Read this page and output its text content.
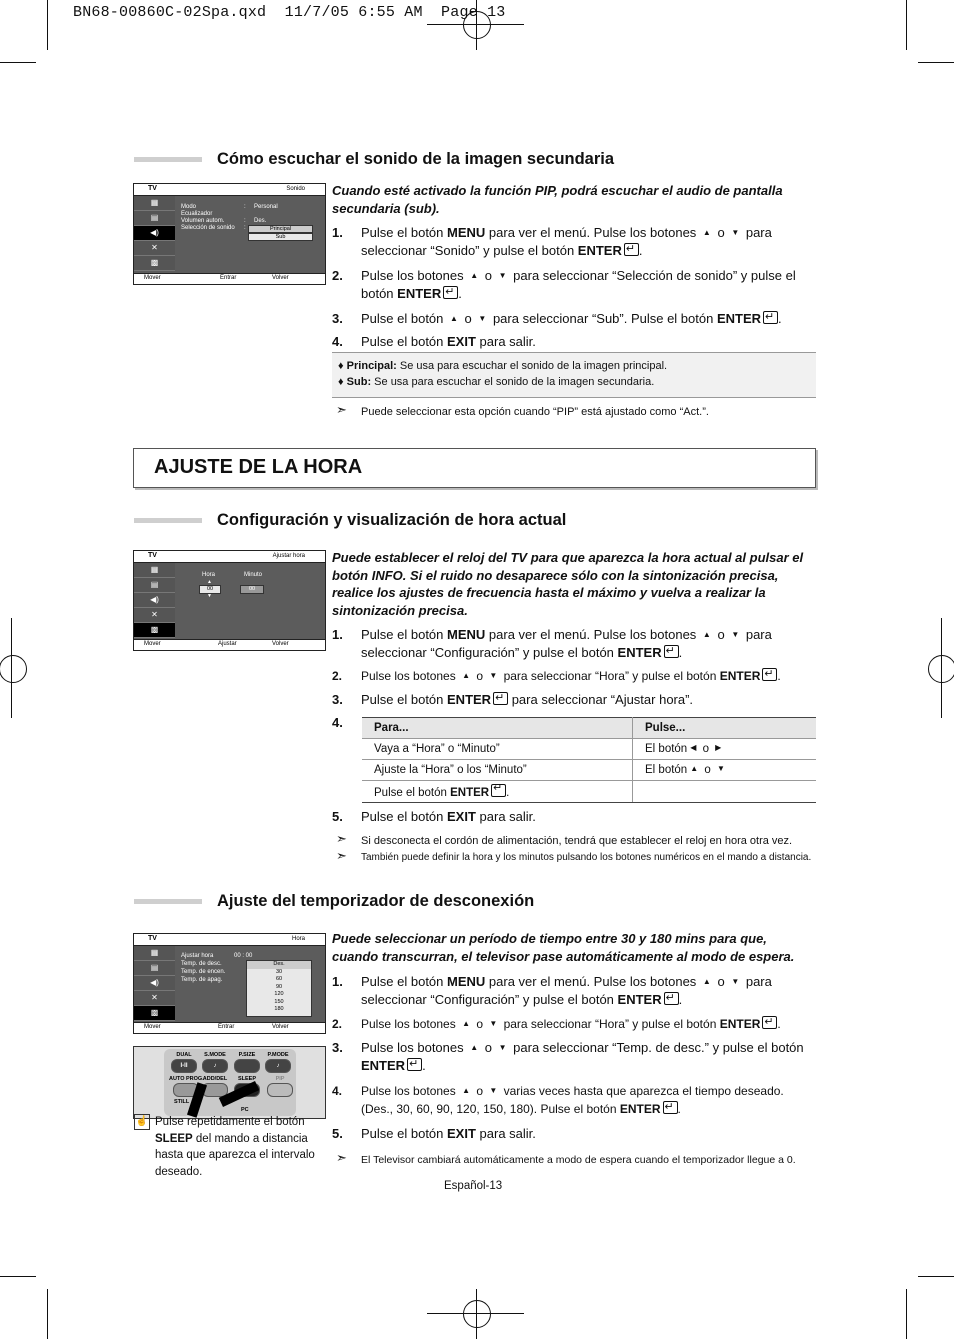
BN68-00860C-02Spa.qxd  11/7/05 6:55 AM  Page 13
Cómo escuchar el sonido de la imagen secundaria
TV	Sonido
▦
▤
◀)
✕
▩
Modo
Ecualizador
Volumen autom.
Selección de sonido
:
:
:
Personal
Des.
Principal
Sub
Mover	Entrar	Volver
Cuando esté activado la función PIP, podrá escuchar el audio de pantalla secundaria (sub).
1. Pulse el botón MENU para ver el menú. Pulse los botones ▲ o ▼ para seleccionar “Sonido” y pulse el botón ENTER ↵ .
2. Pulse los botones ▲ o ▼ para seleccionar “Selección de sonido” y pulse el botón ENTER ↵ .
3. Pulse el botón ▲ o ▼ para seleccionar “Sub”. Pulse el botón ENTER ↵ .
4. Pulse el botón EXIT para salir.
♦ Principal: Se usa para escuchar el sonido de la imagen principal.
♦ Sub: Se usa para escuchar el sonido de la imagen secundaria.
➣ Puede seleccionar esta opción cuando “PIP” está ajustado como “Act.”.
AJUSTE DE LA HORA
Configuración y visualización de hora actual
TV	Ajustar hora
▦
▤
◀)
✕
▩
Hora	Minuto
▲
00
▼
00
Mover	Ajustar	Volver
Puede establecer el reloj del TV para que aparezca la hora actual al pulsar el botón INFO. Si el ruido no desaparece sólo con la sintonización precisa, realice los ajustes de frecuencia hasta el máximo y vuelva a realizar la sintonización precisa.
1. Pulse el botón MENU para ver el menú. Pulse los botones ▲ o ▼ para seleccionar “Configuración” y pulse el botón ENTER ↵ .
2. Pulse los botones ▲ o ▼ para seleccionar “Hora” y pulse el botón ENTER ↵ .
3. Pulse el botón ENTER↵ para seleccionar “Ajustar hora”.
4.	Para...	Pulse...
Vaya a “Hora” o “Minuto”	El botón ◀ o ▶
Ajuste la “Hora” o los “Minuto”	El botón ▲ o ▼
Pulse el botón ENTER ↵ .	
5. Pulse el botón EXIT para salir.
➣ Si desconecta el cordón de alimentación, tendrá que establecer el reloj en hora otra vez.
➣ También puede definir la hora y los minutos pulsando los botones numéricos en el mando a distancia.
Ajuste del temporizador de desconexión
TV	Hora
▦
▤
◀)
✕
▩
Ajustar hora
Temp. de desc.
Temp. de encen.
Temp. de apag.
00 : 00
Des.
30
60
90
120
150
180
Mover	Entrar	Volver
DUAL
I-II
S.MODE
♪
P.SIZE	P.MODE
♪
AUTO PROG. ADD/DEL	SLEEP	PIP
STILL
PC
☝ Pulse repetidamente el botón SLEEP del mando a distancia hasta que aparezca el intervalo deseado.
Puede seleccionar un período de tiempo entre 30 y 180 mins para que, cuando transcurran, el televisor pase automáticamente al modo de espera.
1. Pulse el botón MENU para ver el menú. Pulse los botones ▲ o ▼ para seleccionar “Configuración” y pulse el botón ENTER ↵ .
2. Pulse los botones ▲ o ▼ para seleccionar “Hora” y pulse el botón ENTER ↵ .
3. Pulse los botones ▲ o ▼ para seleccionar “Temp. de desc.” y pulse el botón ENTER ↵ .
4. Pulse los botones ▲ o ▼ varias veces hasta que aparezca el tiempo deseado. (Des., 30, 60, 90, 120, 150, 180). Pulse el botón ENTER ↵ .
5. Pulse el botón EXIT para salir.
➣ El Televisor cambiará automáticamente a modo de espera cuando el temporizador llegue a 0.
Español-13
